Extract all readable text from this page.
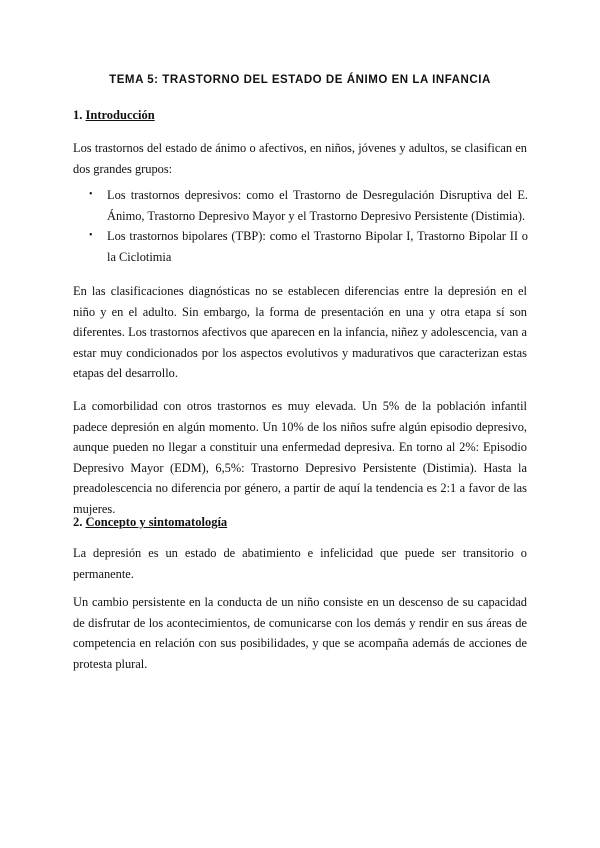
TEMA 5: TRASTORNO DEL ESTADO DE ÁNIMO EN LA INFANCIA
1. Introducción

Los trastornos del estado de ánimo o afectivos, en niños, jóvenes y adultos, se clasifican en dos grandes grupos:

• Los trastornos depresivos: como el Trastorno de Desregulación Disruptiva del E. Ánimo, Trastorno Depresivo Mayor y el Trastorno Depresivo Persistente (Distimia).
• Los trastornos bipolares (TBP): como el Trastorno Bipolar I, Trastorno Bipolar II o la Ciclotimia

En las clasificaciones diagnósticas no se establecen diferencias entre la depresión en el niño y en el adulto. Sin embargo, la forma de presentación en una y otra etapa sí son diferentes. Los trastornos afectivos que aparecen en la infancia, niñez y adolescencia, van a estar muy condicionados por los aspectos evolutivos y madurativos que caracterizan estas etapas del desarrollo.

La comorbilidad con otros trastornos es muy elevada. Un 5% de la población infantil padece depresión en algún momento. Un 10% de los niños sufre algún episodio depresivo, aunque pueden no llegar a constituir una enfermedad depresiva. En torno al 2%: Episodio Depresivo Mayor (EDM), 6,5%: Trastorno Depresivo Persistente (Distimia). Hasta la preadolescencia no diferencia por género, a partir de aquí la tendencia es 2:1 a favor de las mujeres.

2. Concepto y sintomatología

La depresión es un estado de abatimiento e infelicidad que puede ser transitorio o permanente.

Un cambio persistente en la conducta de un niño consiste en un descenso de su capacidad de disfrutar de los acontecimientos, de comunicarse con los demás y rendir en sus áreas de competencia en relación con sus posibilidades, y que se acompaña además de acciones de protesta plural.
